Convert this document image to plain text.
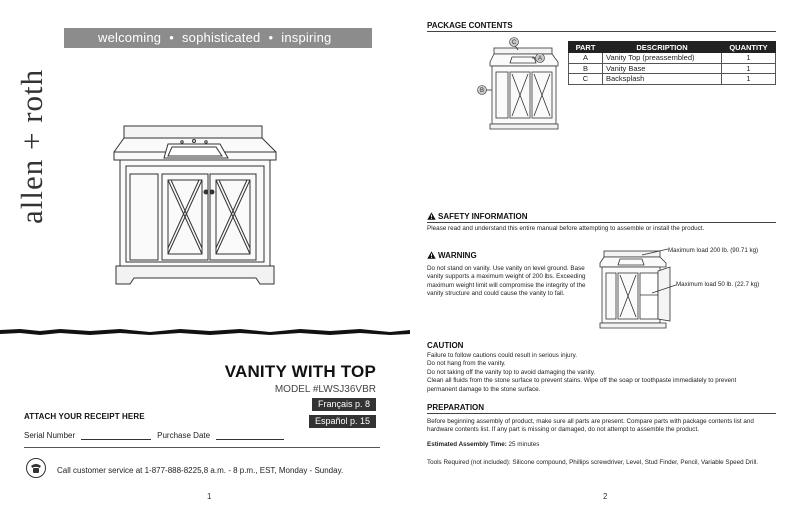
allen + roth
welcoming • sophisticated • inspiring
VANITY WITH TOP
MODEL #LWSJ36VBR
Français p. 8
Español p. 15
ATTACH YOUR RECEIPT HERE
Serial Number	Purchase Date
Call customer service at 1-877-888-8225,8 a.m. - 8 p.m., EST, Monday - Sunday.
1
PACKAGE CONTENTS
C
A
B
PART	DESCRIPTION	QUANTITY
A	Vanity Top (preassembled)	1
B	Vanity Base	1
C	Backsplash	1
SAFETY INFORMATION
Please read and understand this entire manual before attempting to assemble or install the product.
WARNING
Do not stand on vanity. Use vanity on level ground. Base vanity supports a maximum weight of 200 lbs. Exceeding maximum weight limit will compromise the integrity of the vanity structure and could cause the vanity to fail.
Maximum load 200 lb. (90.71 kg)
Maximum load 50 lb. (22.7 kg)
CAUTION
Failure to follow cautions could result in serious injury.
Do not hang from the vanity.
Do not taking off the vanity top to avoid damaging the vanity.
Clean all fluids from the stone surface to prevent stains. Wipe off the soap or toothpaste immediately to prevent
permanent damage to the stone surface.
PREPARATION
Before beginning assembly of product, make sure all parts are present. Compare parts with package contents list and hardware contents list. If any part is missing or damaged, do not attempt to assemble the product.
Estimated Assembly Time: 25 minutes
Tools Required (not included): Silicone compound, Phillips screwdriver, Level, Stud Finder, Pencil, Variable Speed Drill.
2
